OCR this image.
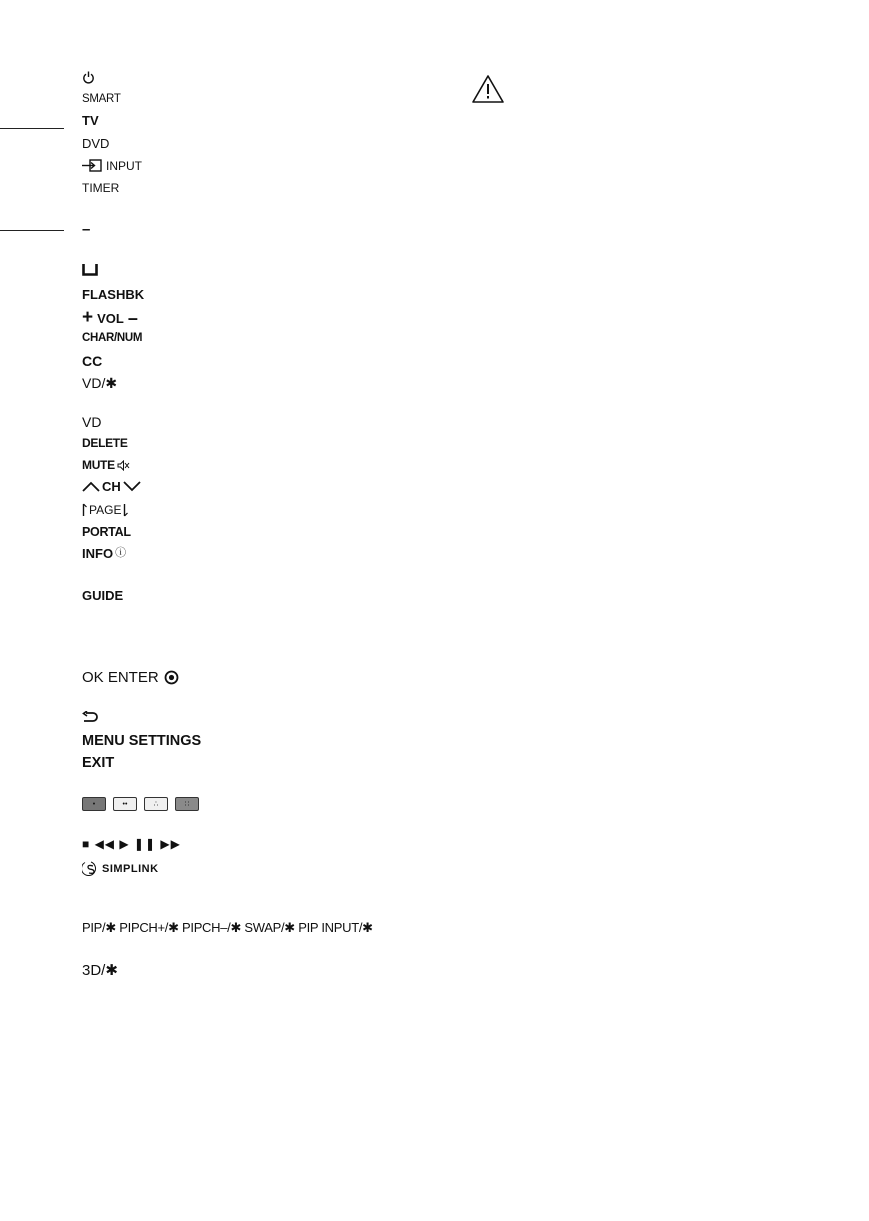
SMART
TV
DVD
INPUT
TIMER
–
FLASHBK
+ VOL –
CHAR/NUM
CC
VD/✱
VD
DELETE
MUTE
CH
PAGE
PORTAL
INFO ⓘ
GUIDE
OK ENTER
MENU SETTINGS
EXIT
•	••	∴	∷
■ ◀◀ ▶ ❚❚ ▶▶
SIMPLINK
PIP/✱ PIPCH+/✱ PIPCH–/✱ SWAP/✱ PIP INPUT/✱
3D/✱
